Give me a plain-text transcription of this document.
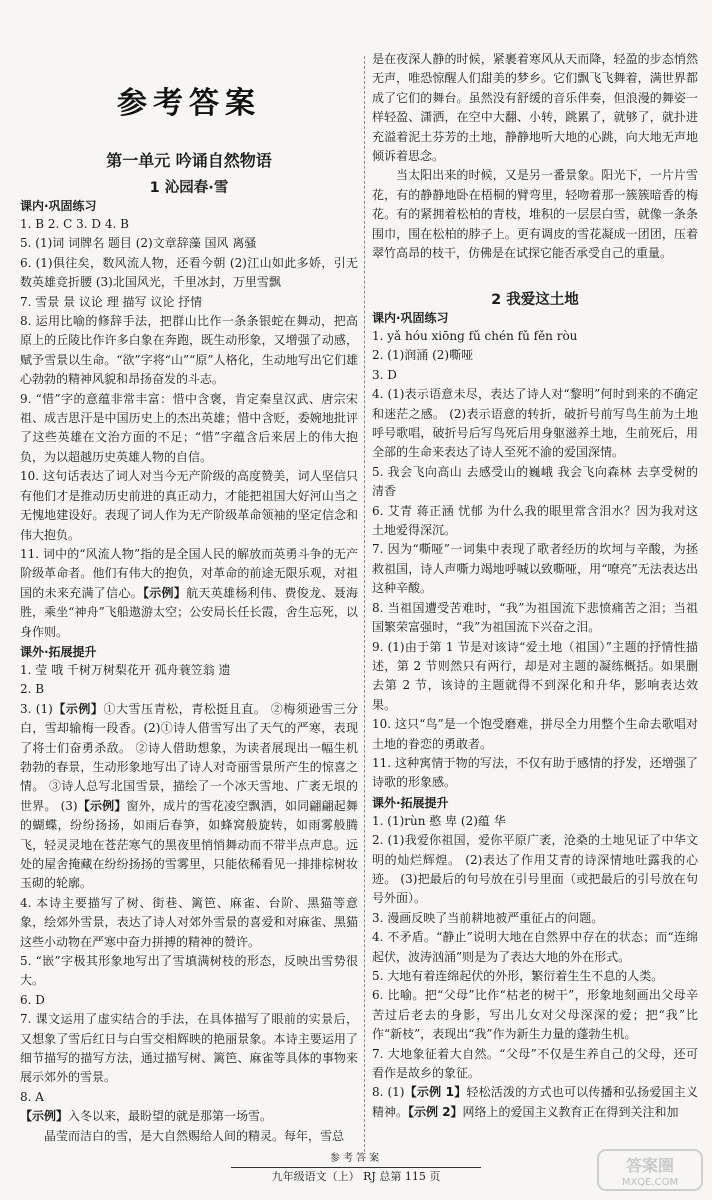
参考答案
第一单元 吟诵自然物语
1 沁园春·雪
课内·巩固练习

1. B 2. C 3. D 4. B

5. (1)词 词牌名 题目 (2)文章辞藻 国风 离骚

6. (1)俱往矣，数风流人物，还看今朝 (2)江山如此多娇，引无数英雄竞折腰 (3)北国风光，千里冰封，万里雪飘

7. 雪景 景 议论 理 描写 议论 抒情

8. 运用比喻的修辞手法，把群山比作一条条银蛇在舞动，把高原上的丘陵比作许多白象在奔跑，既生动形象，又增强了动感，赋予雪景以生命。“欲”字将“山”“原”人格化，生动地写出它们雄心勃勃的精神风貌和昂扬奋发的斗志。

9. “惜”字的意蕴非常丰富：惜中含褒，肯定秦皇汉武、唐宗宋祖、成吉思汗是中国历史上的杰出英雄；惜中含贬，委婉地批评了这些英雄在文治方面的不足；“惜”字蕴含后来居上的伟大抱负，为以超越历史英雄人物的自信。

10. 这句话表达了词人对当今无产阶级的高度赞美，词人坚信只有他们才是推动历史前进的真正动力，才能把祖国大好河山当之无愧地建设好。表现了词人作为无产阶级革命领袖的坚定信念和伟大抱负。

11. 词中的“风流人物”指的是全国人民的解放而英勇斗争的无产阶级革命者。他们有伟大的抱负，对革命的前途无限乐观，对祖国的未来充满了信心。【示例】航天英雄杨利伟、费俊龙、聂海胜，乘坐“神舟”飞船遨游太空；公安局长任长霞，舍生忘死，以身作则。

课外·拓展提升

1. 莹 哦 千树万树梨花开 孤舟蓑笠翁 遗

2. B

3. (1)【示例】①大雪压青松，青松挺且直。 ②梅须逊雪三分白，雪却输梅一段香。(2)①诗人借雪写出了天气的严寒，表现了将士们奋勇杀敌。 ②诗人借助想象，为读者展现出一幅生机勃勃的春景，生动形象地写出了诗人对奇丽雪景所产生的惊喜之情。 ③诗人总写北国雪景，描绘了一个冰天雪地、广袤无垠的世界。 (3)【示例】窗外，成片的雪花凌空飘洒，如同翩翩起舞的蝴蝶，纷纷扬扬，如雨后春笋，如蜂窝般旋转，如雨雾般腾飞，轻灵灵地在苍茫寒气的黑夜里悄悄舞动而不带半点声息。远处的屋舍掩藏在纷纷扬扬的雪雾里，只能依稀看见一排排棕树妆玉砌的轮廓。

4. 本诗主要描写了树、街巷、篱笆、麻雀、台阶、黑猫等意象，绘郊外雪景，表达了诗人对郊外雪景的喜爱和对麻雀、黑猫这些小动物在严寒中奋力拼搏的精神的赞许。

5. “嵌”字极其形象地写出了雪填满树枝的形态，反映出雪势很大。

6. D

7. 课文运用了虚实结合的手法，在具体描写了眼前的实景后，又想象了雪后红日与白雪交相辉映的艳丽景象。本诗主要运用了细节描写的描写方法，通过描写树、篱笆、麻雀等具体的事物来展示郊外的雪景。

8. A

【示例】入冬以来，最盼望的就是那第一场雪。

晶莹而洁白的雪，是大自然赐给人间的精灵。每年，雪总

是在夜深人静的时候，紧裹着寒风从天而降，轻盈的步态悄然无声，唯恐惊醒人们甜美的梦乡。它们飘飞飞舞着，满世界都成了它们的舞台。虽然没有舒缓的音乐伴奏，但浪漫的舞姿一样轻盈、潇洒，在空中大翻、小转，跳累了，就够了，就扑进充溢着泥土芬芳的土地，静静地听大地的心跳，向大地无声地倾诉着思念。

当太阳出来的时候，又是另一番景象。阳光下，一片片雪花，有的静静地卧在梧桐的臂弯里，轻吻着那一簇簇暗香的梅花。有的紧拥着松柏的青枝，堆积的一层层白雪，就像一条条围巾，围在松柏的脖子上。更有调皮的雪花凝成一团团，压着翠竹高昂的枝干，仿佛是在试探它能否承受自己的重量。

2 我爱这土地
课内·巩固练习

1. yǎ hóu xiōng fǔ chén fǔ fěn ròu

2. (1)润涌 (2)嘶哑

3. D

4. (1)表示语意未尽，表达了诗人对“黎明”何时到来的不确定和迷茫之感。 (2)表示语意的转折，破折号前写鸟生前为土地呼号歌唱，破折号后写鸟死后用身躯滋养土地，生前死后，用全部的生命来表达了诗人至死不渝的爱国深情。

5. 我会飞向高山 去感受山的巍峨 我会飞向森林 去享受树的清香

6. 艾青 蒋正涵 忧郁 为什么我的眼里常含泪水？因为我对这土地爱得深沉。

7. 因为“嘶哑”一词集中表现了歌者经历的坎坷与辛酸，为拯救祖国，诗人声嘶力竭地呼喊以致嘶哑，用“嘹亮”无法表达出这种辛酸。

8. 当祖国遭受苦难时，“我”为祖国流下悲愤痛苦之泪；当祖国繁荣富强时，“我”为祖国流下兴奋之泪。

9. (1)由于第 1 节是对该诗“爱土地（祖国）”主题的抒情性描述，第 2 节则然只有两行，却是对主题的凝练概括。如果删去第 2 节，该诗的主题就得不到深化和升华，影响表达效果。

10. 这只“鸟”是一个饱受磨难，拼尽全力用整个生命去歌唱对土地的眷恋的勇敢者。

11. 这种寓情于物的写法，不仅有助于感情的抒发，还增强了诗歌的形象感。

课外·拓展提升

1. (1)rùn 憨 卑 (2)蕴 华

2. (1)我爱你祖国，爱你平原广袤，沧桑的土地见证了中华文明的灿烂辉煌。 (2)表达了作用艾青的诗深情地吐露我的心迹。 (3)把最后的句号放在引号里面（或把最后的引号放在句号外面）。

3. 漫画反映了当前耕地被严重征占的问题。

4. 不矛盾。“静止”说明大地在自然界中存在的状态；而“连绵起伏，波涛汹涌”则是为了表达大地的外在形式。

5. 大地有着连绵起伏的外形，繁衍着生生不息的人类。

6. 比喻。把“父母”比作“枯老的树干”，形象地刻画出父母辛苦过后老去的身影，写出儿女对父母深深的爱；把“我”比作“新枝”，表现出“我”作为新生力量的蓬勃生机。

7. 大地象征着大自然。“父母”不仅是生养自己的父母，还可看作是故乡的象征。

8. (1)【示例 1】轻松活泼的方式也可以传播和弘扬爱国主义精神。【示例 2】网络上的爱国主义教育正在得到关注和加

参考答案
九年级语文（上） RJ 总第 115 页
答案圈
MXQE.COM
